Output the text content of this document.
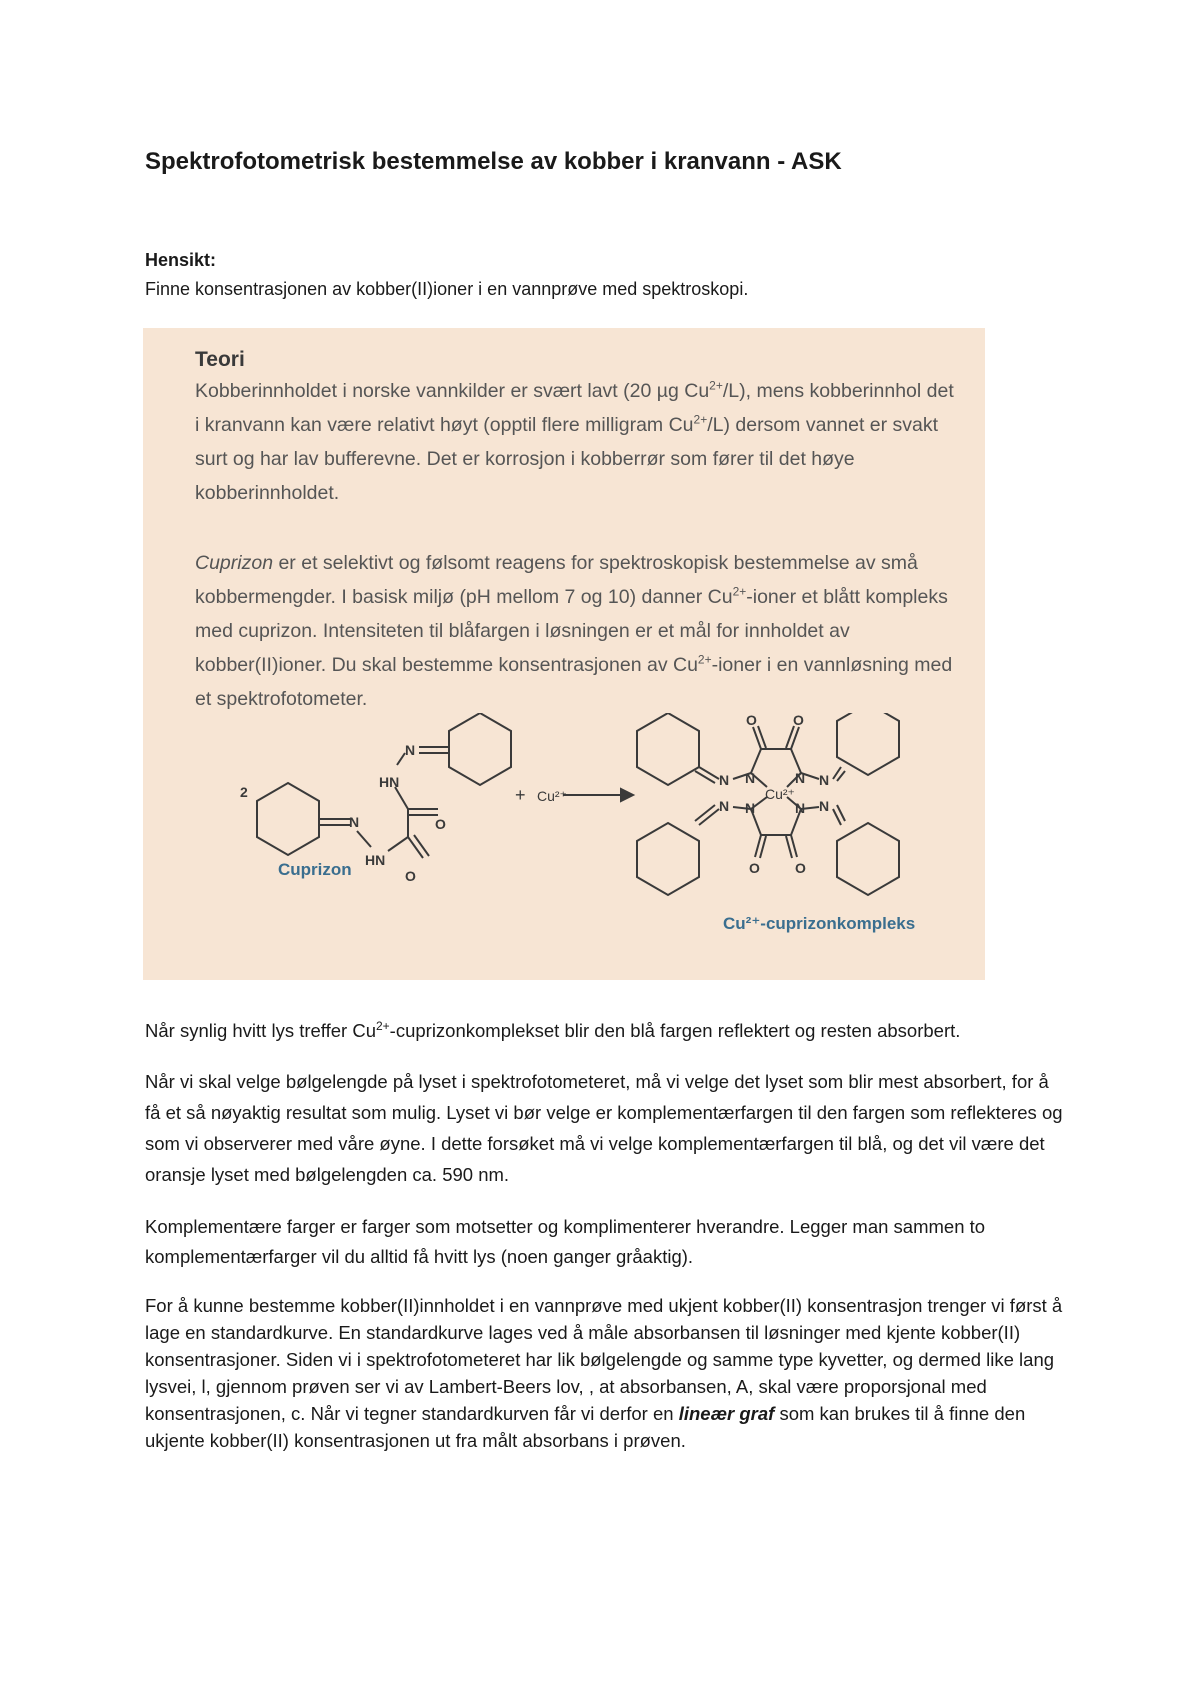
Spektrofotometrisk bestemmelse av kobber i kranvann - ASK
Hensikt:
Finne konsentrasjonen av kobber(II)ioner i en vannprøve med spektroskopi.
Teori

Kobberinnholdet i norske vannkilder er svært lavt (20 µg $Cu^{2+}/L$), mens kobberinnhol det i kranvann kan være relativt høyt (opptil flere milligram $Cu^{2+}/L$) dersom vannet er svakt surt og har lav bufferevne. Det er korrosjon i kobberrør som fører til det høye kobberinnholdet.

Cuprizon er et selektivt og følsomt reagens for spektroskopisk bestemmelse av små kobbermengder. I basisk miljø (pH mellom 7 og 10) danner $Cu^{2+}$-ioner et blått kompleks med cuprizon. Intensiteten til blåfargen i løsningen er et mål for innholdet av kobber(II)ioner. Du skal bestemme konsentrasjonen av $Cu^{2+}$-ioner i en vannløsning med et spektrofotometer.

2
N
HN
O
O
HN
N
+ Cu²⁺
O	O
N N	N N
Cu²⁺
N N	N N
O	O
Cuprizon
Cu²⁺-cuprizonkompleks

Når synlig hvitt lys treffer $Cu^{2+}$-cuprizonkomplekset blir den blå fargen reflektert og resten absorbert.

Når vi skal velge bølgelengde på lyset i spektrofotometeret, må vi velge det lyset som blir mest absorbert, for å få et så nøyaktig resultat som mulig. Lyset vi bør velge er komplementærfargen til den fargen som reflekteres og som vi observerer med våre øyne. I dette forsøket må vi velge komplementærfargen til blå, og det vil være det oransje lyset med bølgelengden ca. 590 nm.

Komplementære farger er farger som motsetter og komplimenterer hverandre. Legger man sammen to komplementærfarger vil du alltid få hvitt lys (noen ganger gråaktig).

For å kunne bestemme kobber(II)innholdet i en vannprøve med ukjent kobber(II) konsentrasjon trenger vi først å lage en standardkurve. En standardkurve lages ved å måle absorbansen til løsninger med kjente kobber(II) konsentrasjoner. Siden vi i spektrofotometeret har lik bølgelengde og samme type kyvetter, og dermed like lang lysvei, l, gjennom prøven ser vi av Lambert-Beers lov, , at absorbansen, A, skal være proporsjonal med konsentrasjonen, c. Når vi tegner standardkurven får vi derfor en lineær graf som kan brukes til å finne den ukjente kobber(II) konsentrasjonen ut fra målt absorbans i prøven.
